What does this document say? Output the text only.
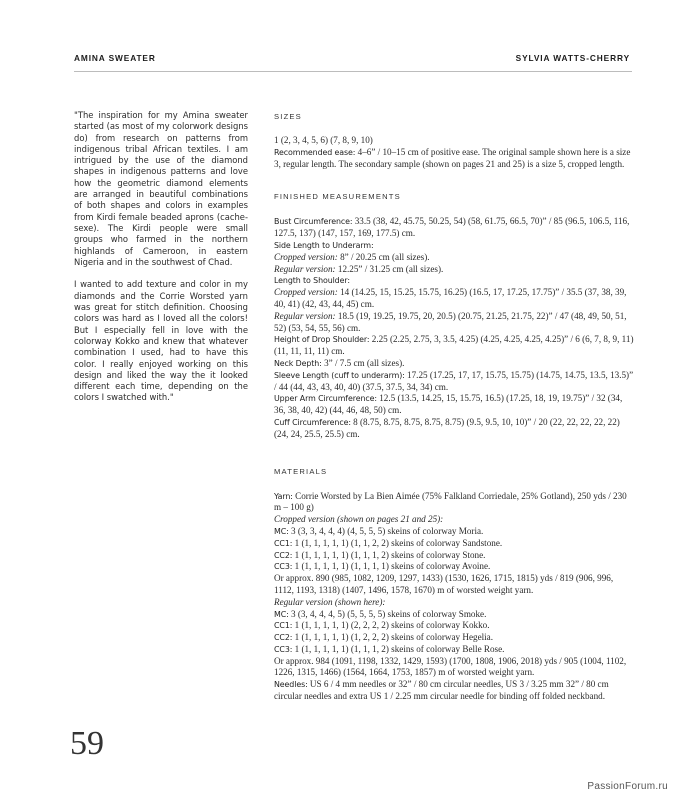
AMINA SWEATER	SYLVIA WATTS-CHERRY

"The inspiration for my Amina sweater started (as most of my colorwork designs do) from research on patterns from indigenous tribal African textiles. I am intrigued by the use of the diamond shapes in indigenous patterns and love how the geometric diamond elements are arranged in beautiful combinations of both shapes and colors in examples from Kirdi female beaded aprons (cache-sexe). The Kirdi people were small groups who farmed in the northern highlands of Cameroon, in eastern Nigeria and in the southwest of Chad.

I wanted to add texture and color in my diamonds and the Corrie Worsted yarn was great for stitch definition. Choosing colors was hard as I loved all the colors! But I especially fell in love with the colorway Kokko and knew that whatever combination I used, had to have this color. I really enjoyed working on this design and liked the way the it looked different each time, depending on the colors I swatched with."

SIZES
1 (2, 3, 4, 5, 6) (7, 8, 9, 10)
Recommended ease: 4–6” / 10–15 cm of positive ease. The original sample shown here is a size 3, regular length. The secondary sample (shown on pages 21 and 25) is a size 5, cropped length.
FINISHED MEASUREMENTS
Bust Circumference: 33.5 (38, 42, 45.75, 50.25, 54) (58, 61.75, 66.5, 70)” / 85 (96.5, 106.5, 116, 127.5, 137) (147, 157, 169, 177.5) cm.
Side Length to Underarm:
Cropped version: 8” / 20.25 cm (all sizes).
Regular version: 12.25” / 31.25 cm (all sizes).
Length to Shoulder:
Cropped version: 14 (14.25, 15, 15.25, 15.75, 16.25) (16.5, 17, 17.25, 17.75)” / 35.5 (37, 38, 39, 40, 41) (42, 43, 44, 45) cm.
Regular version: 18.5 (19, 19.25, 19.75, 20, 20.5) (20.75, 21.25, 21.75, 22)” / 47 (48, 49, 50, 51, 52) (53, 54, 55, 56) cm.
Height of Drop Shoulder: 2.25 (2.25, 2.75, 3, 3.5, 4.25) (4.25, 4.25, 4.25, 4.25)” / 6 (6, 7, 8, 9, 11) (11, 11, 11, 11) cm.
Neck Depth: 3” / 7.5 cm (all sizes).
Sleeve Length (cuff to underarm): 17.25 (17.25, 17, 17, 15.75, 15.75) (14.75, 14.75, 13.5, 13.5)” / 44 (44, 43, 43, 40, 40) (37.5, 37.5, 34, 34) cm.
Upper Arm Circumference: 12.5 (13.5, 14.25, 15, 15.75, 16.5) (17.25, 18, 19, 19.75)” / 32 (34, 36, 38, 40, 42) (44, 46, 48, 50) cm.
Cuff Circumference: 8 (8.75, 8.75, 8.75, 8.75, 8.75) (9.5, 9.5, 10, 10)” / 20 (22, 22, 22, 22, 22) (24, 24, 25.5, 25.5) cm.
MATERIALS
Yarn: Corrie Worsted by La Bien Aimée (75% Falkland Corriedale, 25% Gotland), 250 yds / 230 m – 100 g)
Cropped version (shown on pages 21 and 25):
MC: 3 (3, 3, 4, 4, 4) (4, 5, 5, 5) skeins of colorway Moria.
CC1: 1 (1, 1, 1, 1, 1) (1, 1, 2, 2) skeins of colorway Sandstone.
CC2: 1 (1, 1, 1, 1, 1) (1, 1, 1, 2) skeins of colorway Stone.
CC3: 1 (1, 1, 1, 1, 1) (1, 1, 1, 1) skeins of colorway Avoine.
Or approx. 890 (985, 1082, 1209, 1297, 1433) (1530, 1626, 1715, 1815) yds / 819 (906, 996, 1112, 1193, 1318) (1407, 1496, 1578, 1670) m of worsted weight yarn.
Regular version (shown here):
MC: 3 (3, 4, 4, 4, 5) (5, 5, 5, 5) skeins of colorway Smoke.
CC1: 1 (1, 1, 1, 1, 1) (2, 2, 2, 2) skeins of colorway Kokko.
CC2: 1 (1, 1, 1, 1, 1) (1, 2, 2, 2) skeins of colorway Hegelia.
CC3: 1 (1, 1, 1, 1, 1) (1, 1, 1, 2) skeins of colorway Belle Rose.
Or approx. 984 (1091, 1198, 1332, 1429, 1593) (1700, 1808, 1906, 2018) yds / 905 (1004, 1102, 1226, 1315, 1466) (1564, 1664, 1753, 1857) m of worsted weight yarn.
Needles: US 6 / 4 mm needles or 32” / 80 cm circular needles, US 3 / 3.25 mm 32” / 80 cm circular needles and extra US 1 / 2.25 mm circular needle for binding off folded neckband.
59
PassionForum.ru
